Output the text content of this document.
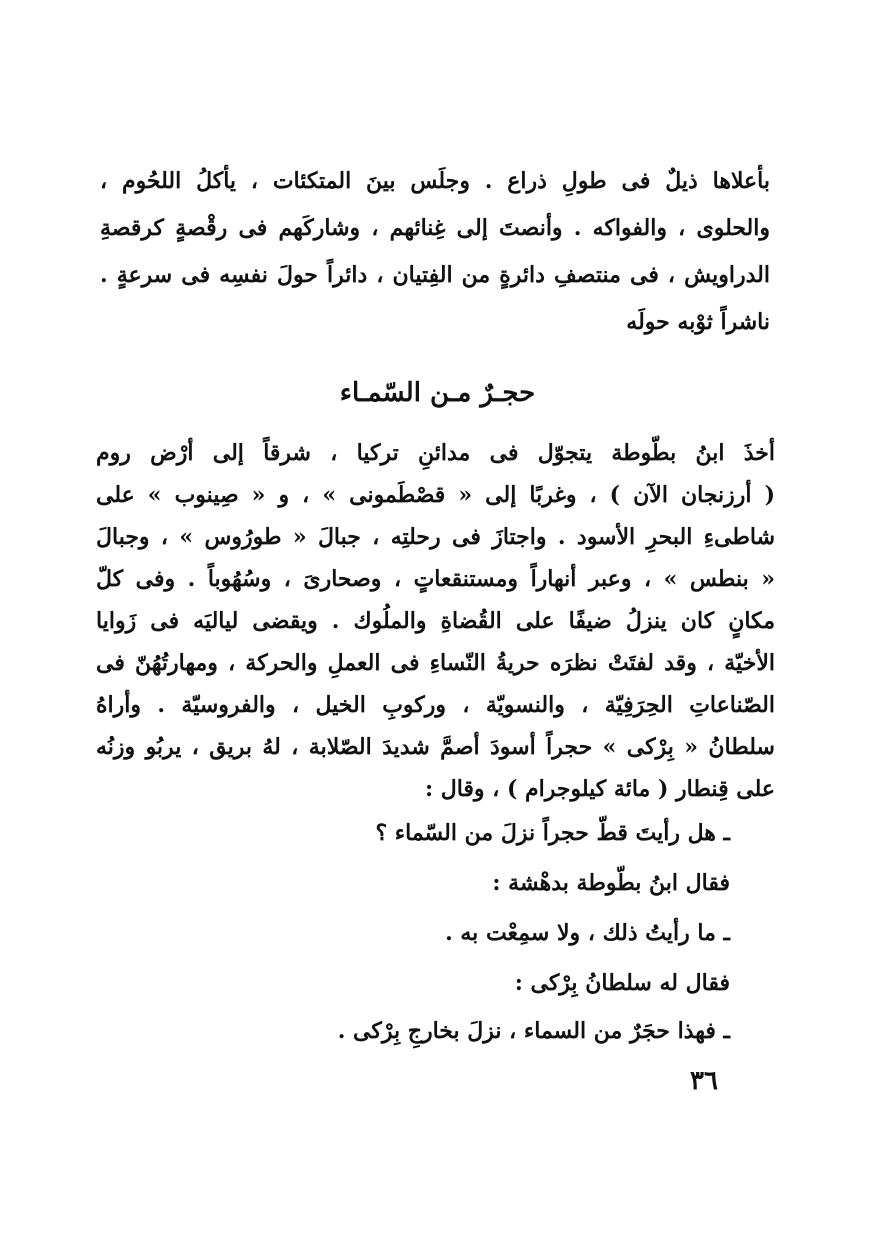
بأعلاها ذيلٌ فى طولِ ذراع . وجلَس بينَ المتكئات ، يأكلُ اللحُوم ،
والحلوى ، والفواكه . وأنصتَ إلى غِنائهم ، وشاركَهم فى رقْصةٍ كرقصةِ
الدراويش ، فى منتصفِ دائرةٍ من الفِتيان ، دائراً حولَ نفسِه فى سرعةٍ .
ناشراً ثوْبه حولَه
حجـرٌ مـن السّمـاء
أخذَ ابنُ بطّوطة يتجوّل فى مدائنِ تركيا ، شرقاً إلى أرْض روم
( أرزنجان الآن ) ، وغربًا إلى « قصْطَمونى » ، و « صِينوب » على
شاطىءِ البحرِ الأسود . واجتازَ فى رحلتِه ، جبالَ « طورُوس » ، وجبالَ
« بنطس » ، وعبر أنهاراً ومستنقعاتٍ ، وصحارىَ ، وسُهُوباً . وفى كلّ
مكانٍ كان ينزلُ ضيفًا على القُضاةِ والملُوك . ويقضى لياليَه فى زَوايا
الأخيّة ، وقد لفتَتْ نظرَه حريةُ النّساءِ فى العملِ والحركة ، ومهارتُهُنّ فى
الصّناعاتِ الحِرَفِيّة ، والنسويّة ، وركوبِ الخيل ، والفروسيّة . وأراهُ
سلطانُ « بِرْكى » حجراً أسودَ أصمَّ شديدَ الصّلابة ، لهُ بريق ، يربُو وزنُه
على قِنطار ( مائة كيلوجرام ) ، وقال :
ـ هل رأيتَ قطّ حجراً نزلَ من السّماء ؟
فقال ابنُ بطّوطة بدهْشة :
ـ ما رأيتُ ذلك ، ولا سمِعْت به .
فقال له سلطانُ بِرْكى :
ـ فهذا حجَرٌ من السماء ، نزلَ بخارجِ بِرْكى .
٣٦
